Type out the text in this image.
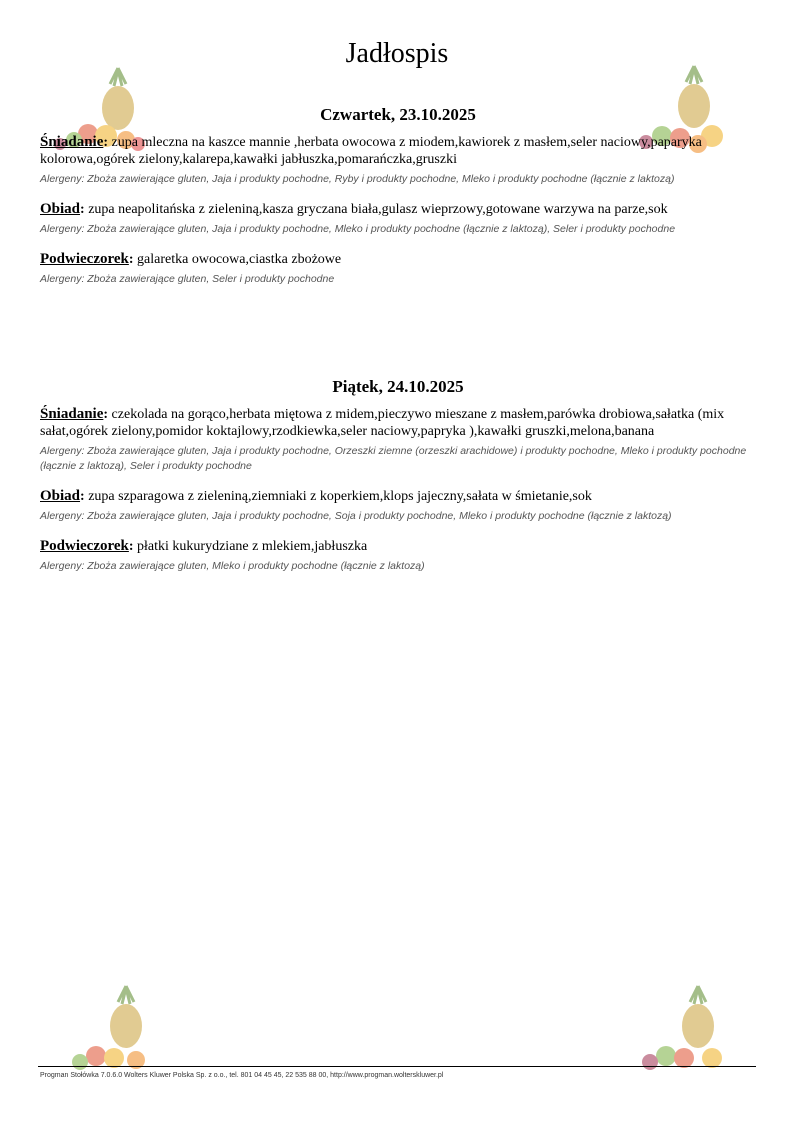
Jadłospis
Czwartek, 23.10.2025

Śniadanie: zupa mleczna na kaszce mannie ,herbata owocowa z miodem,kawiorek z masłem,seler naciowy,paparyka kolorowa,ogórek zielony,kalarepa,kawałki jabłuszka,pomarańczka,gruszki

Alergeny: Zboża zawierające gluten, Jaja i produkty pochodne, Ryby i produkty pochodne, Mleko i produkty pochodne (łącznie z laktozą)

Obiad: zupa neapolitańska z zieleniną,kasza gryczana biała,gulasz wieprzowy,gotowane warzywa na parze,sok

Alergeny: Zboża zawierające gluten, Jaja i produkty pochodne, Mleko i produkty pochodne (łącznie z laktozą), Seler i produkty pochodne

Podwieczorek: galaretka owocowa,ciastka zbożowe

Alergeny: Zboża zawierające gluten, Seler i produkty pochodne

Piątek, 24.10.2025

Śniadanie: czekolada na gorąco,herbata miętowa z midem,pieczywo mieszane z masłem,parówka drobiowa,sałatka (mix sałat,ogórek zielony,pomidor koktajlowy,rzodkiewka,seler naciowy,papryka ),kawałki gruszki,melona,banana

Alergeny: Zboża zawierające gluten, Jaja i produkty pochodne, Orzeszki ziemne (orzeszki arachidowe) i produkty pochodne, Mleko i produkty pochodne (łącznie z laktozą), Seler i produkty pochodne

Obiad: zupa szparagowa z zieleniną,ziemniaki z koperkiem,klops jajeczny,sałata w śmietanie,sok

Alergeny: Zboża zawierające gluten, Jaja i produkty pochodne, Soja i produkty pochodne, Mleko i produkty pochodne (łącznie z laktozą)

Podwieczorek: płatki kukurydziane z mlekiem,jabłuszka

Alergeny: Zboża zawierające gluten, Mleko i produkty pochodne (łącznie z laktozą)

Progman Stołówka 7.0.6.0 Wolters Kluwer Polska Sp. z o.o., tel. 801 04 45 45, 22 535 88 00, http://www.progman.wolterskluwer.pl
